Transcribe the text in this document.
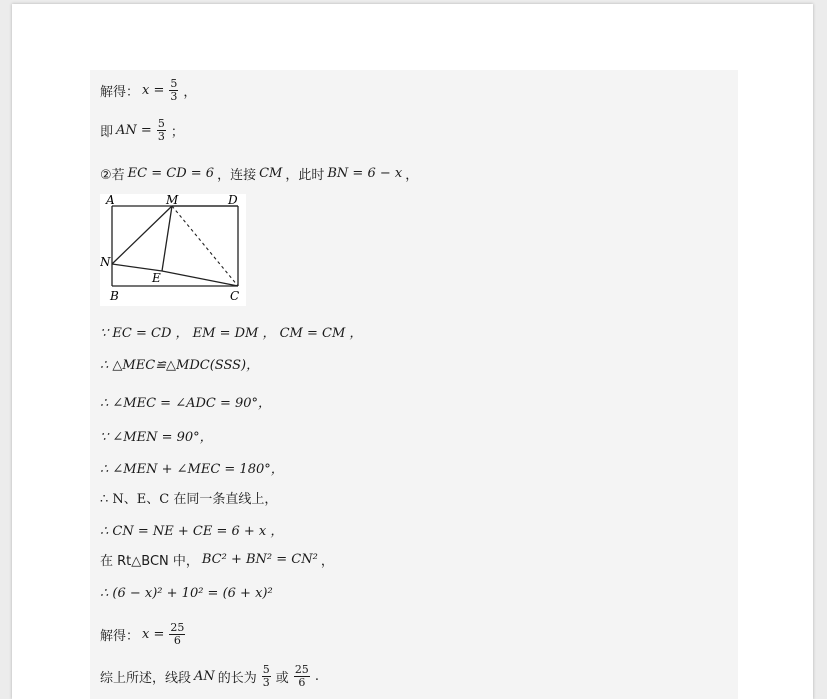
解得： $x = \frac{5}{3}$ ，
即 AN = $\frac{5}{3}$ ；
②若 EC = CD = 6 ，连接 CM ，此时 BN = 6 − x ，
A	M	D
N
E
B	C
∵ EC = CD ， EM = DM ， CM = CM ，
∴ △MEC≌△MDC(SSS)，
∴ ∠MEC = ∠ADC = 90°，
∵ ∠MEN = 90°，
∴ ∠MEN + ∠MEC = 180°，
∴ N、E、C 在同一条直线上，
∴ CN = NE + CE = 6 + x ，
在 Rt△BCN 中， BC² + BN² = CN² ，
∴ (6 − x)² + 10² = (6 + x)²
解得： $x = \frac{25}{6}$
综上所述，线段 AN 的长为 $\frac{5}{3}$ 或 $\frac{25}{6}$ .
